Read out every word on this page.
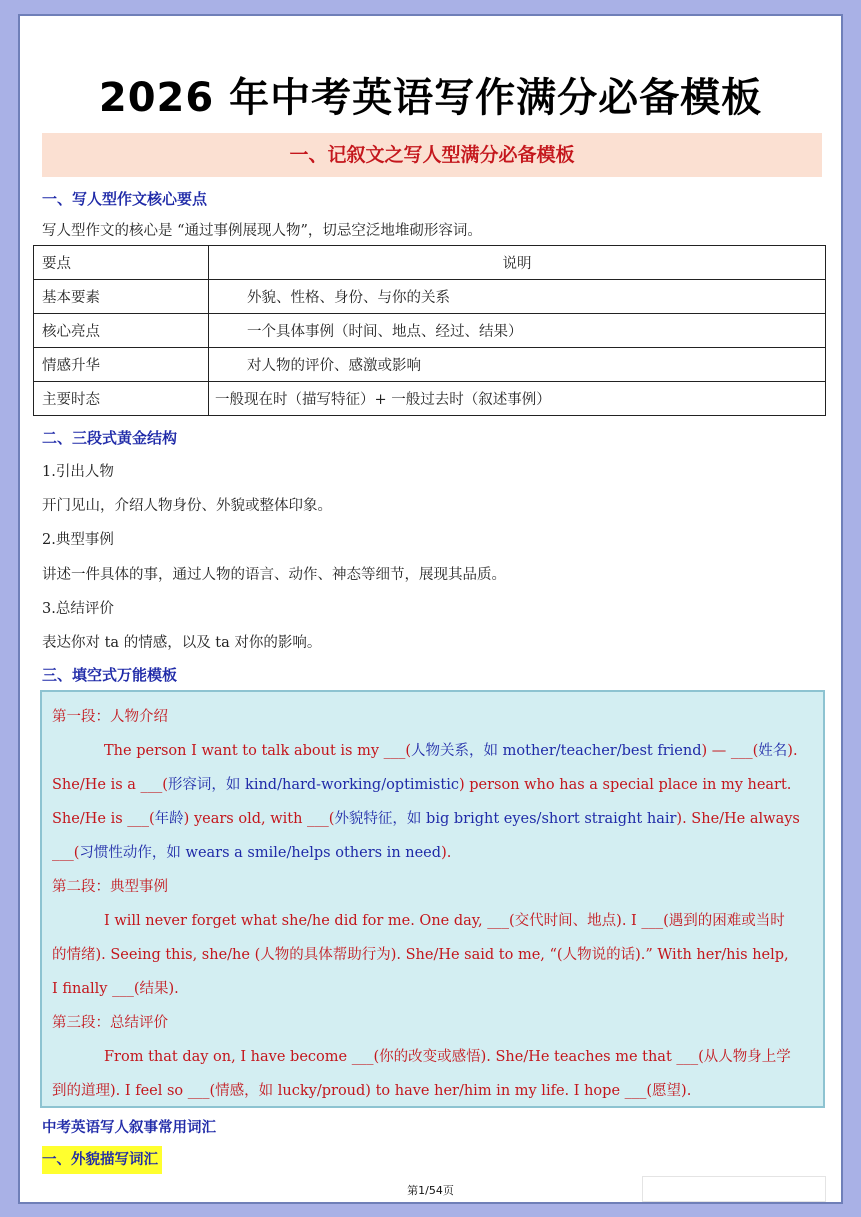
2026 年中考英语写作满分必备模板
一、记叙文之写人型满分必备模板
一、写人型作文核心要点
写人型作文的核心是 “通过事例展现人物”，切忌空泛地堆砌形容词。
要点	说明
基本要素	外貌、性格、身份、与你的关系
核心亮点	一个具体事例（时间、地点、经过、结果）
情感升华	对人物的评价、感激或影响
主要时态	一般现在时（描写特征）+ 一般过去时（叙述事例）
二、三段式黄金结构
1.引出人物
开门见山，介绍人物身份、外貌或整体印象。
2.典型事例
讲述一件具体的事，通过人物的语言、动作、神态等细节，展现其品质。
3.总结评价
表达你对 ta 的情感，以及 ta 对你的影响。
三、填空式万能模板
第一段：人物介绍
The person I want to talk about is my ___(人物关系，如 mother/teacher/best friend) — ___(姓名).
She/He is a ___(形容词，如 kind/hard-working/optimistic) person who has a special place in my heart.
She/He is ___(年龄) years old, with ___(外貌特征，如 big bright eyes/short straight hair). She/He always
___(习惯性动作，如 wears a smile/helps others in need).
第二段：典型事例
I will never forget what she/he did for me. One day, ___(交代时间、地点). I ___(遇到的困难或当时
的情绪). Seeing this, she/he (人物的具体帮助行为). She/He said to me, “(人物说的话).” With her/his help,
I finally ___(结果).
第三段：总结评价
From that day on, I have become ___(你的改变或感悟). She/He teaches me that ___(从人物身上学
到的道理). I feel so ___(情感，如 lucky/proud) to have her/him in my life. I hope ___(愿望).
中考英语写人叙事常用词汇
一、外貌描写词汇
第1/54页
